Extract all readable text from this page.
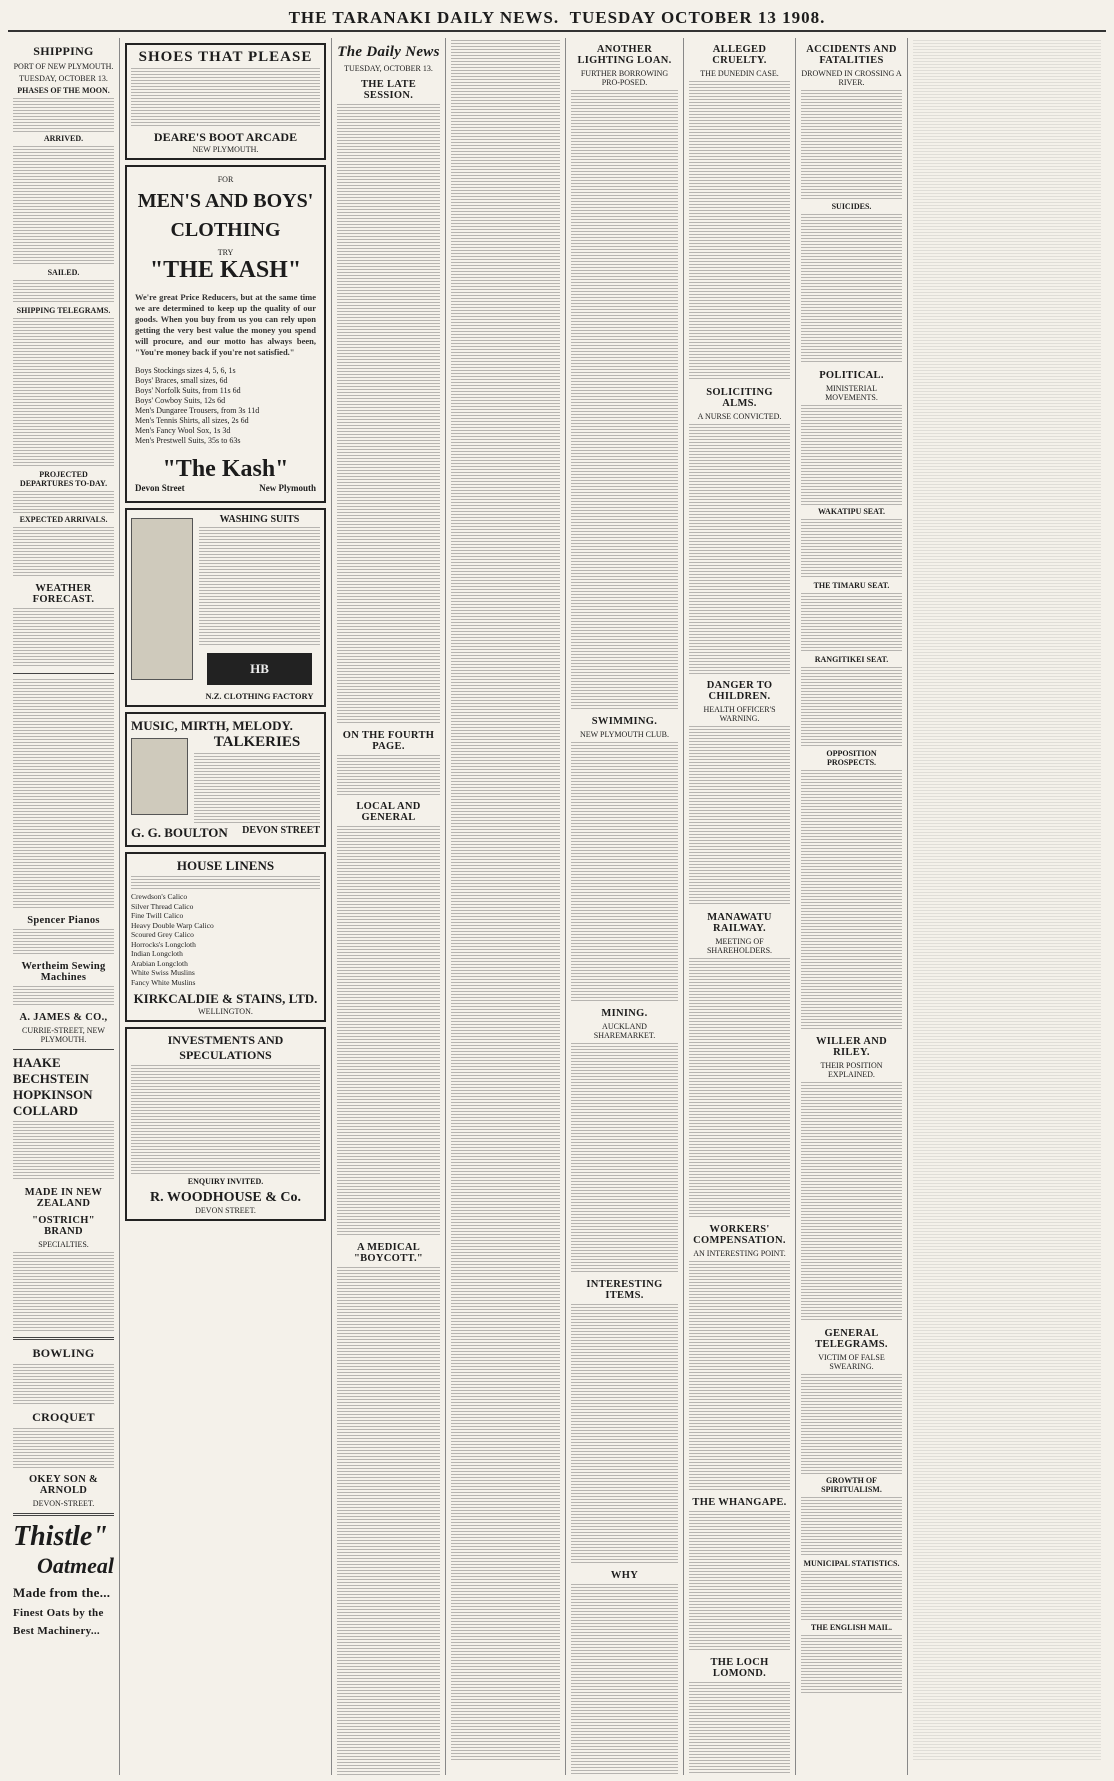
THE TARANAKI DAILY NEWS. TUESDAY OCTOBER 13 1908.
SHIPPING
PORT OF NEW PLYMOUTH.
TUESDAY, OCTOBER 13.
PHASES OF THE MOON.
ARRIVED.
SAILED.
SHIPPING TELEGRAMS.
PROJECTED DEPARTURES TO-DAY.
EXPECTED ARRIVALS.
WEATHER FORECAST.
Spencer Pianos
Wertheim Sewing Machines
A. JAMES & CO.,
CURRIE-STREET, NEW PLYMOUTH.
HAAKE
BECHSTEIN
HOPKINSON
COLLARD
MADE IN NEW ZEALAND
"OSTRICH" BRAND
SPECIALTIES.
BOWLING
CROQUET
OKEY SON & ARNOLD
DEVON-STREET.
Thistle"
Oatmeal
Made from the...
Finest Oats by the
Best Machinery...
SHOES THAT PLEASE
DEARE'S BOOT ARCADE
NEW PLYMOUTH.
FOR
MEN'S AND BOYS'
CLOTHING
TRY
"THE KASH"
We're great Price Reducers, but at the same time we are determined to keep up the quality of our goods. When you buy from us you can rely upon getting the very best value the money you spend will procure, and our motto has always been, "You're money back if you're not satisfied."
Boys Stockings sizes 4, 5, 6, 1s
Boys' Braces, small sizes, 6d
Boys' Norfolk Suits, from 11s 6d
Boys' Cowboy Suits, 12s 6d
Men's Dungaree Trousers, from 3s 11d
Men's Tennis Shirts, all sizes, 2s 6d
Men's Fancy Wool Sox, 1s 3d
Men's Prestwell Suits, 35s to 63s
"The Kash"
Devon Street	New Plymouth
WASHING SUITS
HB
N.Z. CLOTHING FACTORY
MUSIC, MIRTH, MELODY.
TALKERIES
G. G. BOULTON DEVON STREET
HOUSE LINENS
Crewdson's Calico
Silver Thread Calico
Fine Twill Calico
Heavy Double Warp Calico
Scoured Grey Calico
Horrocks's Longcloth
Indian Longcloth
Arabian Longcloth
White Swiss Muslins
Fancy White Muslins
KIRKCALDIE & STAINS, LTD.
WELLINGTON.
INVESTMENTS AND SPECULATIONS
ENQUIRY INVITED.
R. WOODHOUSE & Co.
DEVON STREET.
The Daily News
TUESDAY, OCTOBER 13.
THE LATE SESSION.
ON THE FOURTH PAGE.
LOCAL AND GENERAL
A MEDICAL "BOYCOTT."
ANOTHER LIGHTING LOAN.
FURTHER BORROWING PRO-POSED.
SWIMMING.
NEW PLYMOUTH CLUB.
MINING.
AUCKLAND SHAREMARKET.
INTERESTING ITEMS.
WHY
ALLEGED CRUELTY.
THE DUNEDIN CASE.
SOLICITING ALMS.
A NURSE CONVICTED.
DANGER TO CHILDREN.
HEALTH OFFICER'S WARNING.
MANAWATU RAILWAY.
MEETING OF SHAREHOLDERS.
WORKERS' COMPENSATION.
AN INTERESTING POINT.
THE WHANGAPE.
THE LOCH LOMOND.
ACCIDENTS AND FATALITIES
DROWNED IN CROSSING A RIVER.
SUICIDES.
POLITICAL.
MINISTERIAL MOVEMENTS.
WAKATIPU SEAT.
THE TIMARU SEAT.
RANGITIKEI SEAT.
OPPOSITION PROSPECTS.
WILLER AND RILEY.
THEIR POSITION EXPLAINED.
GENERAL TELEGRAMS.
VICTIM OF FALSE SWEARING.
GROWTH OF SPIRITUALISM.
MUNICIPAL STATISTICS.
THE ENGLISH MAIL.
